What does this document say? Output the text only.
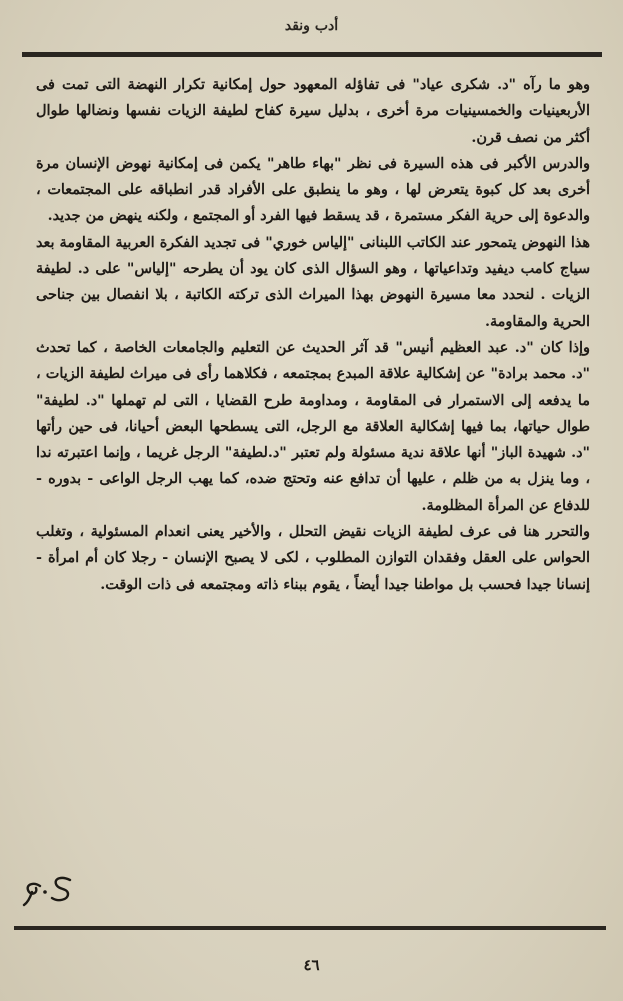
أدب ونقد

وهو ما رآه "د. شكرى عياد" فى تفاؤله المعهود حول إمكانية تكرار النهضة التى تمت فى الأربعينيات والخمسينيات مرة أخرى ، بدليل سيرة كفاح لطيفة الزيات نفسها ونضالها طوال أكثر من نصف قرن.

والدرس الأكبر فى هذه السيرة فى نظر "بهاء طاهر" يكمن فى إمكانية نهوض الإنسان مرة أخرى بعد كل كبوة يتعرض لها ، وهو ما ينطبق على الأفراد قدر انطباقه على المجتمعات ، والدعوة إلى حرية الفكر مستمرة ، قد يسقط فيها الفرد أو المجتمع ، ولكنه ينهض من جديد.

هذا النهوض يتمحور عند الكاتب اللبنانى "إلياس خوري" فى تجديد الفكرة العربية المقاومة بعد سياج كامب ديفيد وتداعياتها ، وهو السؤال الذى كان يود أن يطرحه "إلياس" على د. لطيفة الزيات . لنحدد معا مسيرة النهوض بهذا الميراث الذى تركته الكاتبة ، بلا انفصال بين جناحى الحرية والمقاومة.

وإذا كان "د. عبد العظيم أنيس" قد آثر الحديث عن التعليم والجامعات الخاصة ، كما تحدث "د. محمد برادة" عن إشكالية علاقة المبدع بمجتمعه ، فكلاهما رأى فى ميراث لطيفة الزيات ، ما يدفعه إلى الاستمرار فى المقاومة ، ومداومة طرح القضايا ، التى لم تهملها "د. لطيفة" طوال حياتها، بما فيها إشكالية العلاقة مع الرجل، التى يسطحها البعض أحيانا، فى حين رأتها "د. شهيدة الباز" أنها علاقة ندية مسئولة ولم تعتبر "د.لطيفة" الرجل غريما ، وإنما اعتبرته ندا ، وما ينزل به من ظلم ، عليها أن تدافع عنه وتحتج ضده، كما يهب الرجل الواعى - بدوره - للدفاع عن المرأة المظلومة.

والتحرر هنا فى عرف لطيفة الزيات نقيض التحلل ، والأخير يعنى انعدام المسئولية ، وتغلب الحواس على العقل وفقدان التوازن المطلوب ، لكى لا يصبح الإنسان - رجلا كان أم امرأة - إنسانا جيدا فحسب بل مواطنا جيدا أيضاً ، يقوم ببناء ذاته ومجتمعه فى ذات الوقت.

٤٦
